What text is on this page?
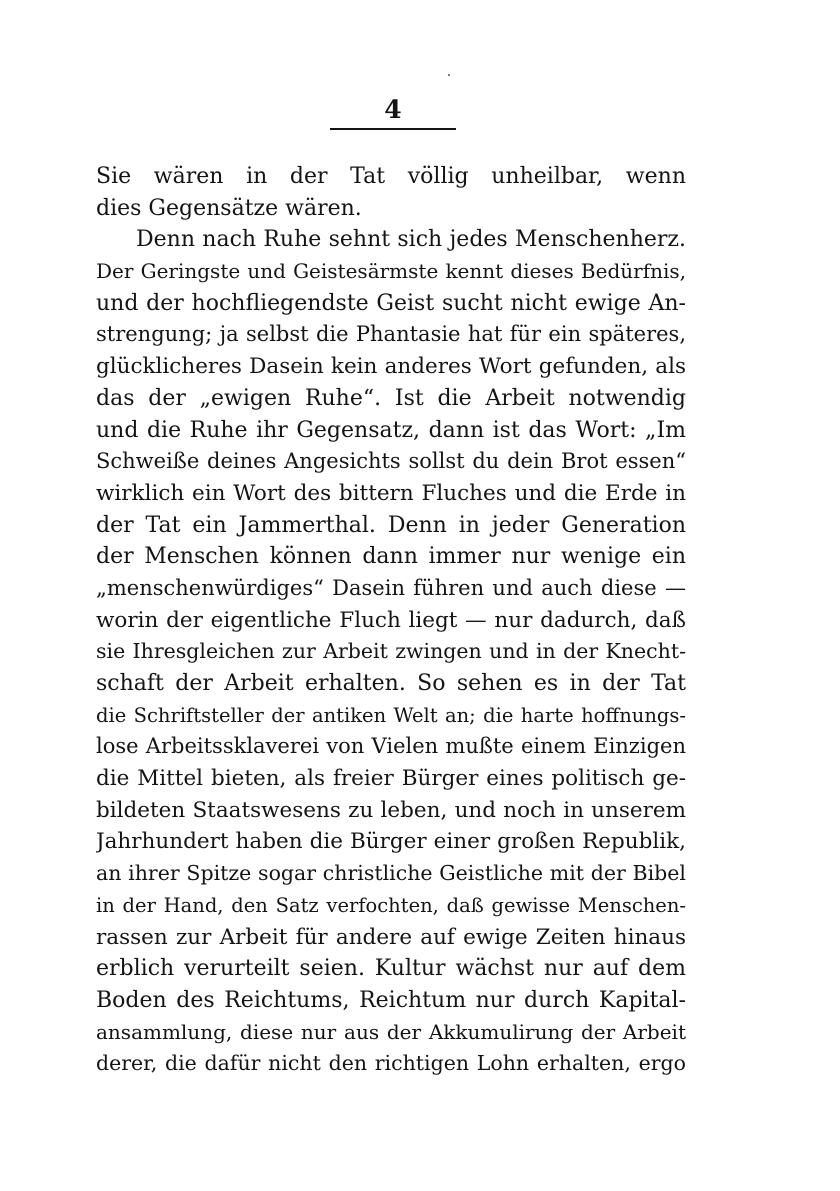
4
Sie wären in der Tat völlig unheilbar, wenn
dies Gegensätze wären.
Denn nach Ruhe sehnt sich jedes Menschenherz.
Der Geringste und Geistesärmste kennt dieses Bedürfnis,
und der hochfliegendste Geist sucht nicht ewige An-
strengung; ja selbst die Phantasie hat für ein späteres,
glücklicheres Dasein kein anderes Wort gefunden, als
das der „ewigen Ruhe“. Ist die Arbeit notwendig
und die Ruhe ihr Gegensatz, dann ist das Wort: „Im
Schweiße deines Angesichts sollst du dein Brot essen“
wirklich ein Wort des bittern Fluches und die Erde in
der Tat ein Jammerthal. Denn in jeder Generation
der Menschen können dann immer nur wenige ein
„menschenwürdiges“ Dasein führen und auch diese —
worin der eigentliche Fluch liegt — nur dadurch, daß
sie Ihresgleichen zur Arbeit zwingen und in der Knecht-
schaft der Arbeit erhalten. So sehen es in der Tat
die Schriftsteller der antiken Welt an; die harte hoffnungs-
lose Arbeitssklaverei von Vielen mußte einem Einzigen
die Mittel bieten, als freier Bürger eines politisch ge-
bildeten Staatswesens zu leben, und noch in unserem
Jahrhundert haben die Bürger einer großen Republik,
an ihrer Spitze sogar christliche Geistliche mit der Bibel
in der Hand, den Satz verfochten, daß gewisse Menschen-
rassen zur Arbeit für andere auf ewige Zeiten hinaus
erblich verurteilt seien. Kultur wächst nur auf dem
Boden des Reichtums, Reichtum nur durch Kapital-
ansammlung, diese nur aus der Akkumulirung der Arbeit
derer, die dafür nicht den richtigen Lohn erhalten, ergo
